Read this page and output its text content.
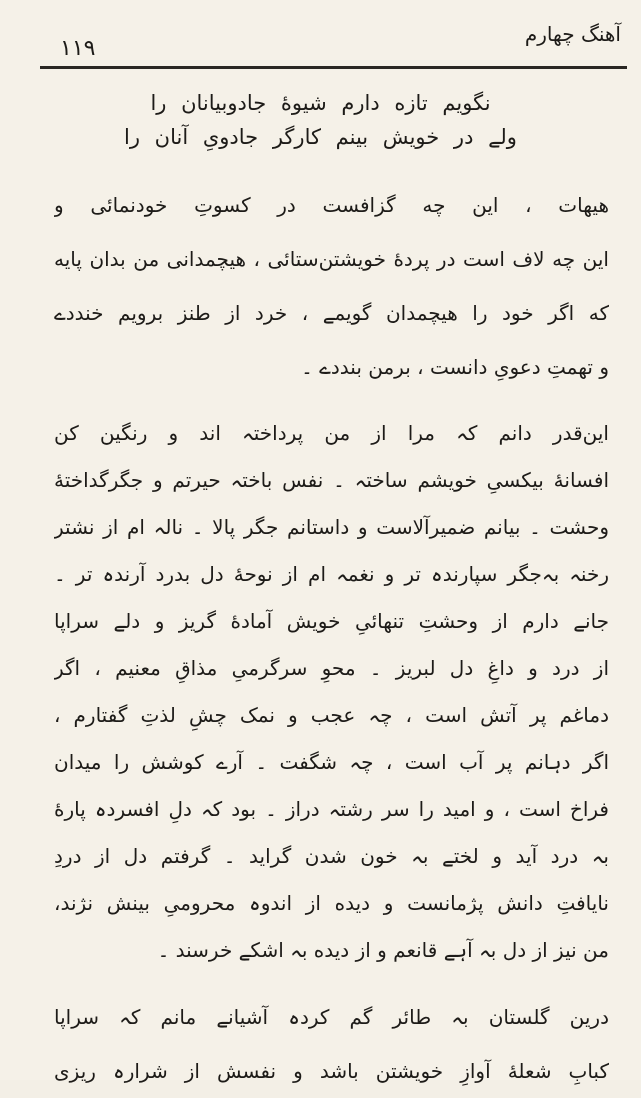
آهنگ چهارم
۱۱۹
نگویم تازه دارم شیوهٔ جادوبیانان را
ولے در خویش بینم کارگر جادویِ آنان را
هیهات ، این چه گزافست در کسوتِ خودنمائی و
این چه لاف است در پردهٔ خویشتن‌ستائی ، هیچمدانی من بدان پایه
که اگر خود را هیچمدان گویمے ، خرد از طنز برویم خنددے
و تهمتِ دعویِ دانست ، برمن بنددے ۔
این‌قدر دانم کہ مرا از من پرداختہ اند و رنگین کن
افسانهٔ بیکسیِ خویشم ساختہ ۔ نفس باختہ حیرتم و جگرگداختهٔ
وحشت ۔ بیانم ضمیرآلاست و داستانم جگر پالا ۔ نالہ ام از نشتر
رخنہ بہ‌جگر سپارندہ تر و نغمہ ام از نوحهٔ دل بدرد آرندہ تر ۔
جانے دارم از وحشتِ تنهائیِ خویش آمادهٔ گریز و دلے سراپا
از درد و داغِ دل لبریز ۔ محوِ سرگرمیِ مذاقِ معنیم ، اگر
دماغم پر آتش است ، چہ عجب و نمک چشِ لذتِ گفتارم ،
اگر دہانم پر آب است ، چہ شگفت ۔ آرے کوشش را میدان
فراخ است ، و امید را سر رشتہ دراز ۔ بود کہ دلِ افسردہ پارهٔ
بہ درد آید و لختے بہ خون شدن گراید ۔ گرفتم دل از دردِ
نایافتِ دانش پژمانست و دیده از اندوہ محرومیِ بینش نژند،
من نیز از دل بہ آہے قانعم و از دیده بہ اشکے خرسند ۔
درین گلستان بہ طائر گم کردہ آشیانے مانم کہ سراپا
کبابِ شعلهٔ آوازِ خویشتن باشد و نفسش از شرارہ ریزی
